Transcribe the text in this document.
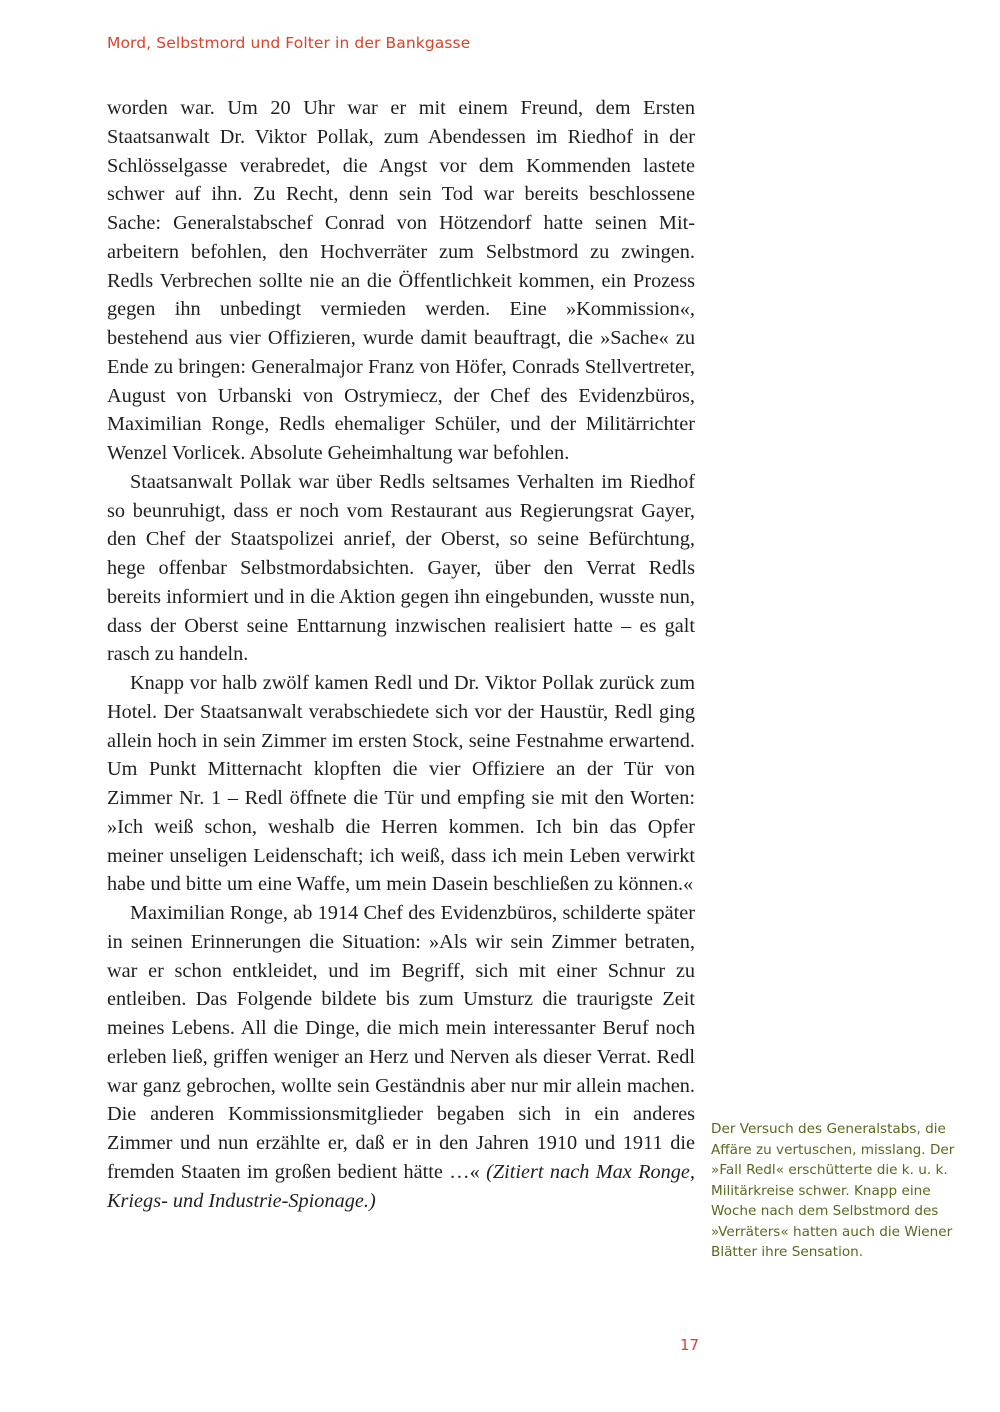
Mord, Selbstmord und Folter in der Bankgasse

worden war. Um 20 Uhr war er mit einem Freund, dem Ersten Staatsanwalt Dr. Viktor Pollak, zum Abendessen im Riedhof in der Schlösselgasse verabredet, die Angst vor dem Kommenden lastete schwer auf ihn. Zu Recht, denn sein Tod war bereits beschlossene Sache: Generalstabschef Conrad von Hötzendorf hatte seinen Mitarbeitern befohlen, den Hochverräter zum Selbstmord zu zwingen. Redls Verbrechen sollte nie an die Öffentlichkeit kommen, ein Prozess gegen ihn unbedingt vermieden werden. Eine »Kommission«, bestehend aus vier Offizieren, wurde damit beauftragt, die »Sache« zu Ende zu bringen: Generalmajor Franz von Höfer, Conrads Stellvertreter, August von Urbanski von Ostrymiecz, der Chef des Evidenzbüros, Maximilian Ronge, Redls ehemaliger Schüler, und der Militärrichter Wenzel Vorlicek. Absolute Geheimhaltung war befohlen.

Staatsanwalt Pollak war über Redls seltsames Verhalten im Riedhof so beunruhigt, dass er noch vom Restaurant aus Regierungsrat Gayer, den Chef der Staatspolizei anrief, der Oberst, so seine Befürchtung, hege offenbar Selbstmordabsichten. Gayer, über den Verrat Redls bereits informiert und in die Aktion gegen ihn eingebunden, wusste nun, dass der Oberst seine Enttarnung inzwischen realisiert hatte – es galt rasch zu handeln.

Knapp vor halb zwölf kamen Redl und Dr. Viktor Pollak zurück zum Hotel. Der Staatsanwalt verabschiedete sich vor der Haustür, Redl ging allein hoch in sein Zimmer im ersten Stock, seine Festnahme erwartend. Um Punkt Mitternacht klopften die vier Offiziere an der Tür von Zimmer Nr. 1 – Redl öffnete die Tür und empfing sie mit den Worten: »Ich weiß schon, weshalb die Herren kommen. Ich bin das Opfer meiner unseligen Leidenschaft; ich weiß, dass ich mein Leben verwirkt habe und bitte um eine Waffe, um mein Dasein beschließen zu können.«

Maximilian Ronge, ab 1914 Chef des Evidenzbüros, schilderte später in seinen Erinnerungen die Situation: »Als wir sein Zimmer betraten, war er schon entkleidet, und im Begriff, sich mit einer Schnur zu entleiben. Das Folgende bildete bis zum Umsturz die traurigste Zeit meines Lebens. All die Dinge, die mich mein interessanter Beruf noch erleben ließ, griffen weniger an Herz und Nerven als dieser Verrat. Redl war ganz gebrochen, wollte sein Geständnis aber nur mir allein machen. Die anderen Kommissionsmitglieder begaben sich in ein anderes Zimmer und nun erzählte er, daß er in den Jahren 1910 und 1911 die fremden Staaten im großen bedient hätte …« (Zitiert nach Max Ronge, Kriegs- und Industrie-Spionage.)

Der Versuch des Generalstabs, die Affäre zu vertuschen, misslang. Der »Fall Redl« erschütterte die k. u. k. Militärkreise schwer. Knapp eine Woche nach dem Selbstmord des »Verräters« hatten auch die Wiener Blätter ihre Sensation.

17
